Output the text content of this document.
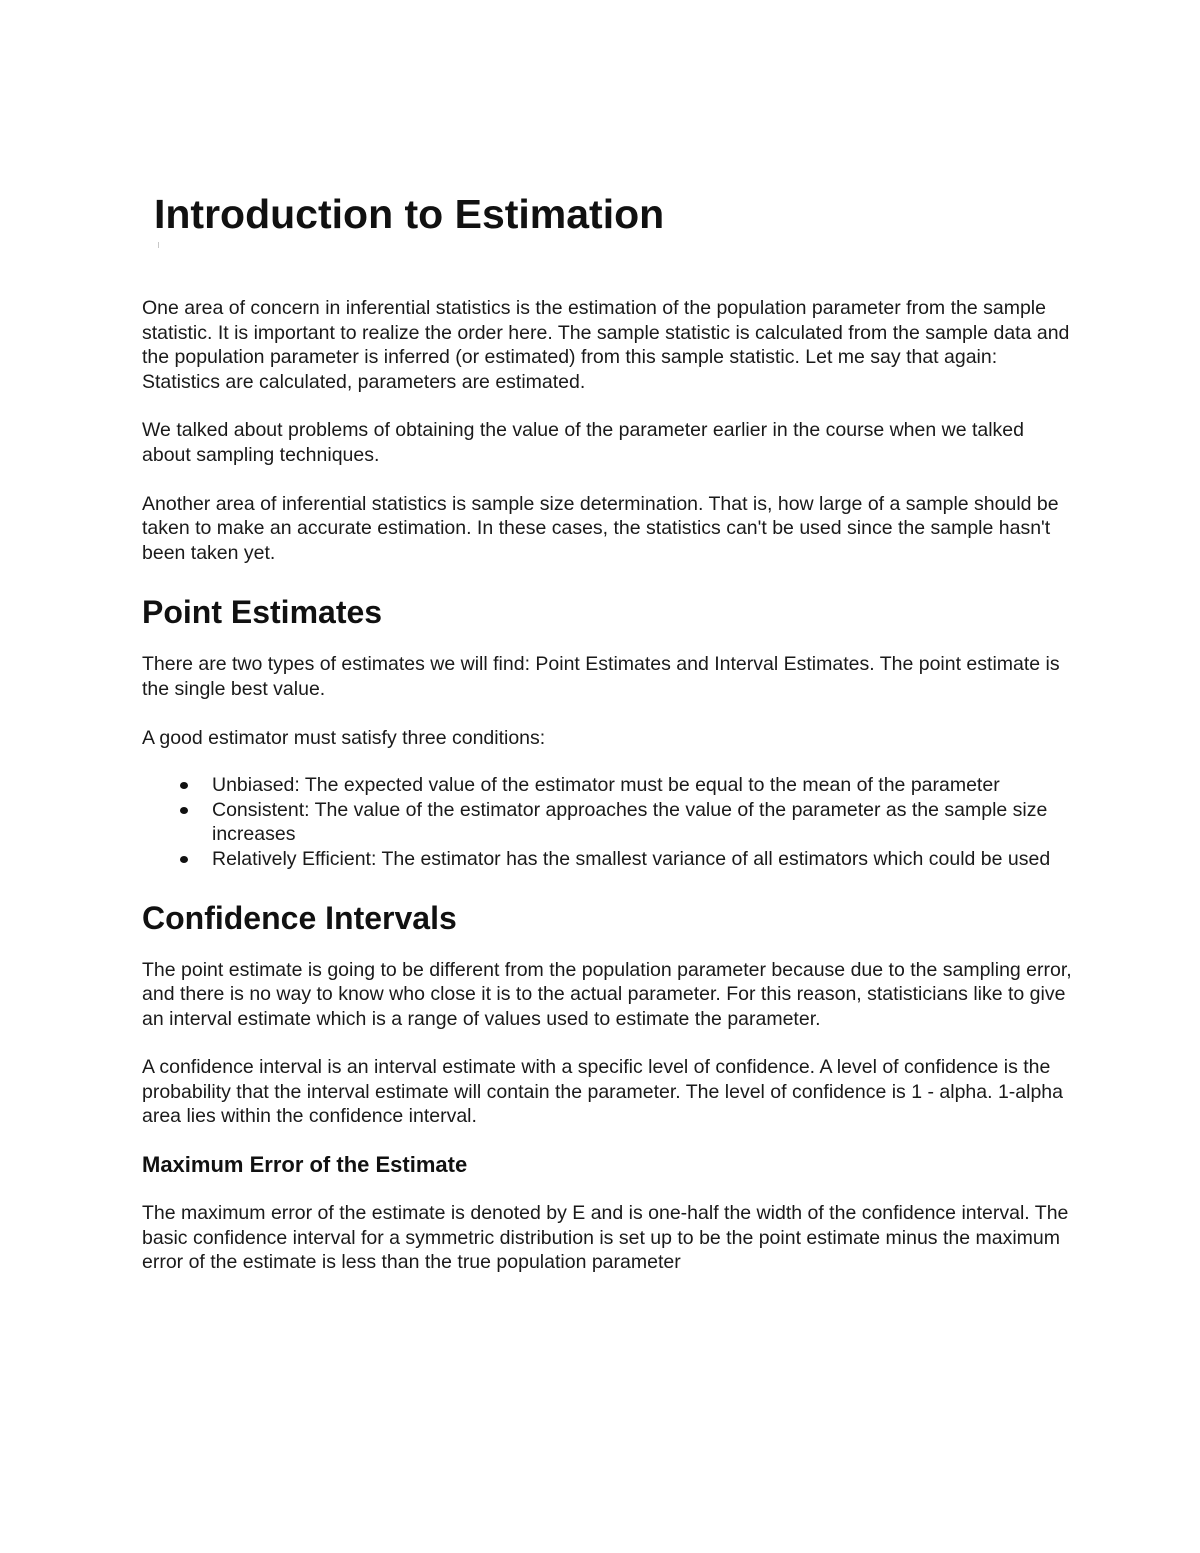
Introduction to Estimation

One area of concern in inferential statistics is the estimation of the population parameter from the sample statistic. It is important to realize the order here. The sample statistic is calculated from the sample data and the population parameter is inferred (or estimated) from this sample statistic. Let me say that again: Statistics are calculated, parameters are estimated.

We talked about problems of obtaining the value of the parameter earlier in the course when we talked about sampling techniques.

Another area of inferential statistics is sample size determination. That is, how large of a sample should be taken to make an accurate estimation. In these cases, the statistics can't be used since the sample hasn't been taken yet.

Point Estimates

There are two types of estimates we will find: Point Estimates and Interval Estimates. The point estimate is the single best value.

A good estimator must satisfy three conditions:

Unbiased: The expected value of the estimator must be equal to the mean of the parameter
Consistent: The value of the estimator approaches the value of the parameter as the sample size increases
Relatively Efficient: The estimator has the smallest variance of all estimators which could be used
Confidence Intervals

The point estimate is going to be different from the population parameter because due to the sampling error, and there is no way to know who close it is to the actual parameter. For this reason, statisticians like to give an interval estimate which is a range of values used to estimate the parameter.

A confidence interval is an interval estimate with a specific level of confidence. A level of confidence is the probability that the interval estimate will contain the parameter. The level of confidence is 1 - alpha. 1-alpha area lies within the confidence interval.

Maximum Error of the Estimate

The maximum error of the estimate is denoted by E and is one-half the width of the confidence interval. The basic confidence interval for a symmetric distribution is set up to be the point estimate minus the maximum error of the estimate is less than the true population parameter
